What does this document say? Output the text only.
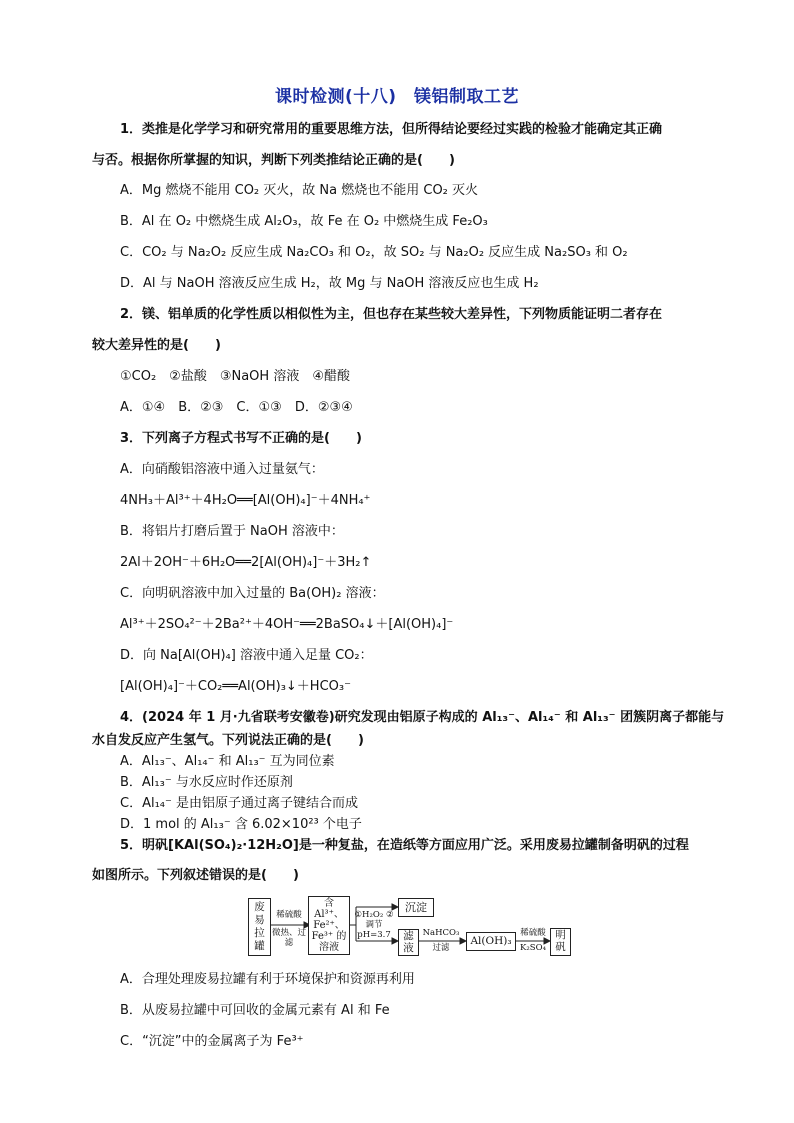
课时检测(十八)　镁铝制取工艺
1．类推是化学学习和研究常用的重要思维方法，但所得结论要经过实践的检验才能确定其正确
与否。根据你所掌握的知识，判断下列类推结论正确的是(　　)
A．Mg 燃烧不能用 CO₂ 灭火，故 Na 燃烧也不能用 CO₂ 灭火
B．Al 在 O₂ 中燃烧生成 Al₂O₃，故 Fe 在 O₂ 中燃烧生成 Fe₂O₃
C．CO₂ 与 Na₂O₂ 反应生成 Na₂CO₃ 和 O₂，故 SO₂ 与 Na₂O₂ 反应生成 Na₂SO₃ 和 O₂
D．Al 与 NaOH 溶液反应生成 H₂，故 Mg 与 NaOH 溶液反应也生成 H₂
2．镁、铝单质的化学性质以相似性为主，但也存在某些较大差异性，下列物质能证明二者存在
较大差异性的是(　　)
①CO₂　②盐酸　③NaOH 溶液　④醋酸
A．①④　B．②③　C．①③　D．②③④
3．下列离子方程式书写不正确的是(　　)
A．向硝酸铝溶液中通入过量氨气：
4NH₃＋Al³⁺＋4H₂O══[Al(OH)₄]⁻＋4NH₄⁺
B．将铝片打磨后置于 NaOH 溶液中：
2Al＋2OH⁻＋6H₂O══2[Al(OH)₄]⁻＋3H₂↑
C．向明矾溶液中加入过量的 Ba(OH)₂ 溶液：
Al³⁺＋2SO₄²⁻＋2Ba²⁺＋4OH⁻══2BaSO₄↓＋[Al(OH)₄]⁻
D．向 Na[Al(OH)₄] 溶液中通入足量 CO₂：
[Al(OH)₄]⁻＋CO₂══Al(OH)₃↓＋HCO₃⁻
4．(2024 年 1 月·九省联考安徽卷)研究发现由铝原子构成的 Al₁₃⁻、Al₁₄⁻ 和 Al₁₃⁻ 团簇阴离子都能与
水自发反应产生氢气。下列说法正确的是(　　)
A．Al₁₃⁻、Al₁₄⁻ 和 Al₁₃⁻ 互为同位素
B．Al₁₃⁻ 与水反应时作还原剂
C．Al₁₄⁻ 是由铝原子通过离子键结合而成
D．1 mol 的 Al₁₃⁻ 含 6.02×10²³ 个电子
5．明矾[KAl(SO₄)₂·12H₂O]是一种复盐，在造纸等方面应用广泛。采用废易拉罐制备明矾的过程
如图所示。下列叙述错误的是(　　)
废易拉罐
稀硫酸
微热、过滤
含 Al³⁺、Fe²⁺、Fe³⁺ 的溶液
①H₂O₂ ②调节 pH=3.7
沉淀
滤液
NaHCO₃
过滤
Al(OH)₃
稀硫酸
K₂SO₄
明矾
A．合理处理废易拉罐有利于环境保护和资源再利用
B．从废易拉罐中可回收的金属元素有 Al 和 Fe
C．“沉淀”中的金属离子为 Fe³⁺
